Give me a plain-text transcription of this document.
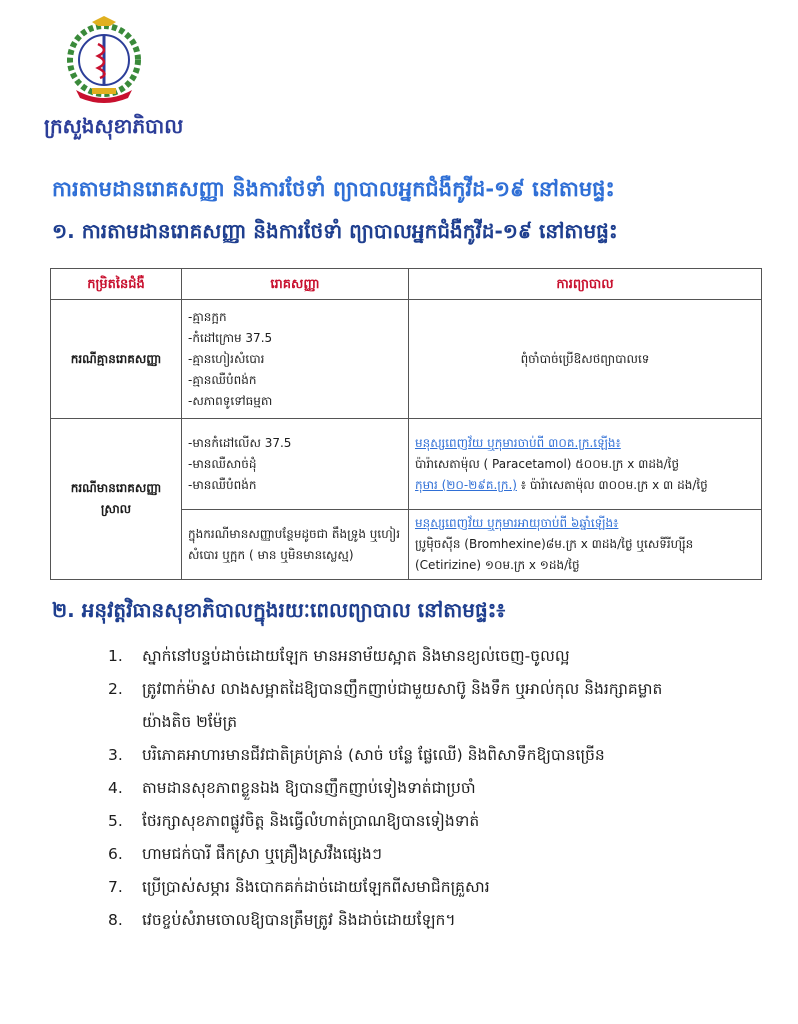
ក្រសួងសុខាភិបាល
ការតាមដានរោគសញ្ញា និងការថែទាំ ព្យាបាលអ្នកជំងឺកូវីដ-១៩ នៅតាមផ្ទះ
១. ការតាមដានរោគសញ្ញា និងការថែទាំ ព្យាបាលអ្នកជំងឺកូវីដ-១៩ នៅតាមផ្ទះ
កម្រិតនៃជំងឺ	រោគសញ្ញា	ការព្យាបាល
ករណីគ្មានរោគសញ្ញា	-គ្មានក្អក
-កំដៅក្រោម 37.5
-គ្មានហៀរសំបោរ
-គ្មានឈឺបំពង់ក
-សភាពទូទៅធម្មតា	ពុំចាំបាច់ប្រើឱសថព្យាបាលទេ
ករណីមានរោគសញ្ញាស្រាល	-មានកំដៅលើស 37.5
-មានឈឺសាច់ដុំ
-មានឈឺបំពង់ក	មនុស្សពេញវ័យ ឬកុមារចាប់ពី ៣០គ.ក្រ.ឡើង៖
ប៉ារ៉ាសេតាម៉ុល ( Paracetamol) ៥០០ម.ក្រ x ៣ដង/ថ្ងៃ
កុមារ (២០-២៩គ.ក្រ.) ៖ ប៉ារ៉ាសេតាម៉ុល ៣០០ម.ក្រ x ៣ ដង/ថ្ងៃ

	ក្នុងករណីមានសញ្ញាបន្ថែមដូចជា តឹងទ្រូង ឬហៀរសំបោរ ឬក្អក ( មាន ឬមិនមានស្លេស្ម)	មនុស្សពេញវ័យ ឬកុមារអាយុចាប់ពី ៦ឆ្នាំឡើង៖
ប្រូម៉ិចស៊ីន (Bromhexine)៨ម.ក្រ x ៣ដង/ថ្ងៃ ឬសេទីរីហ្ស៊ីន
(Cetirizine) ១០ម.ក្រ x ១ដង/ថ្ងៃ
២. អនុវត្តវិធានសុខាភិបាលក្នុងរយៈពេលព្យាបាល នៅតាមផ្ទះ៖
1. ស្នាក់នៅបន្ទប់ដាច់ដោយឡែក មានអនាម័យស្អាត និងមានខ្យល់ចេញ-ចូលល្អ
2. ត្រូវពាក់ម៉ាស លាងសម្អាតដៃឱ្យបានញឹកញាប់ជាមួយសាប៊ូ និងទឹក ឬអាល់កុល និងរក្សាគម្លាត
យ៉ាងតិច ២ម៉ែត្រ
3. បរិភោគអាហារមានជីវជាតិគ្រប់គ្រាន់ (សាច់ បន្លែ ផ្លែឈើ) និងពិសាទឹកឱ្យបានច្រើន
4. តាមដានសុខភាពខ្លួនឯង ឱ្យបានញឹកញាប់ទៀងទាត់ជាប្រចាំ
5. ថែរក្សាសុខភាពផ្លូវចិត្ត និងធ្វើលំហាត់ប្រាណឱ្យបានទៀងទាត់
6. ហាមជក់បារី ផឹកស្រា ឬគ្រឿងស្រវឹងផ្សេងៗ
7. ប្រើប្រាស់សម្ភារ និងបោកគក់ដាច់ដោយឡែកពីសមាជិកគ្រួសារ
8. វេចខ្ចប់សំរាមចោលឱ្យបានត្រឹមត្រូវ និងដាច់ដោយឡែក។
